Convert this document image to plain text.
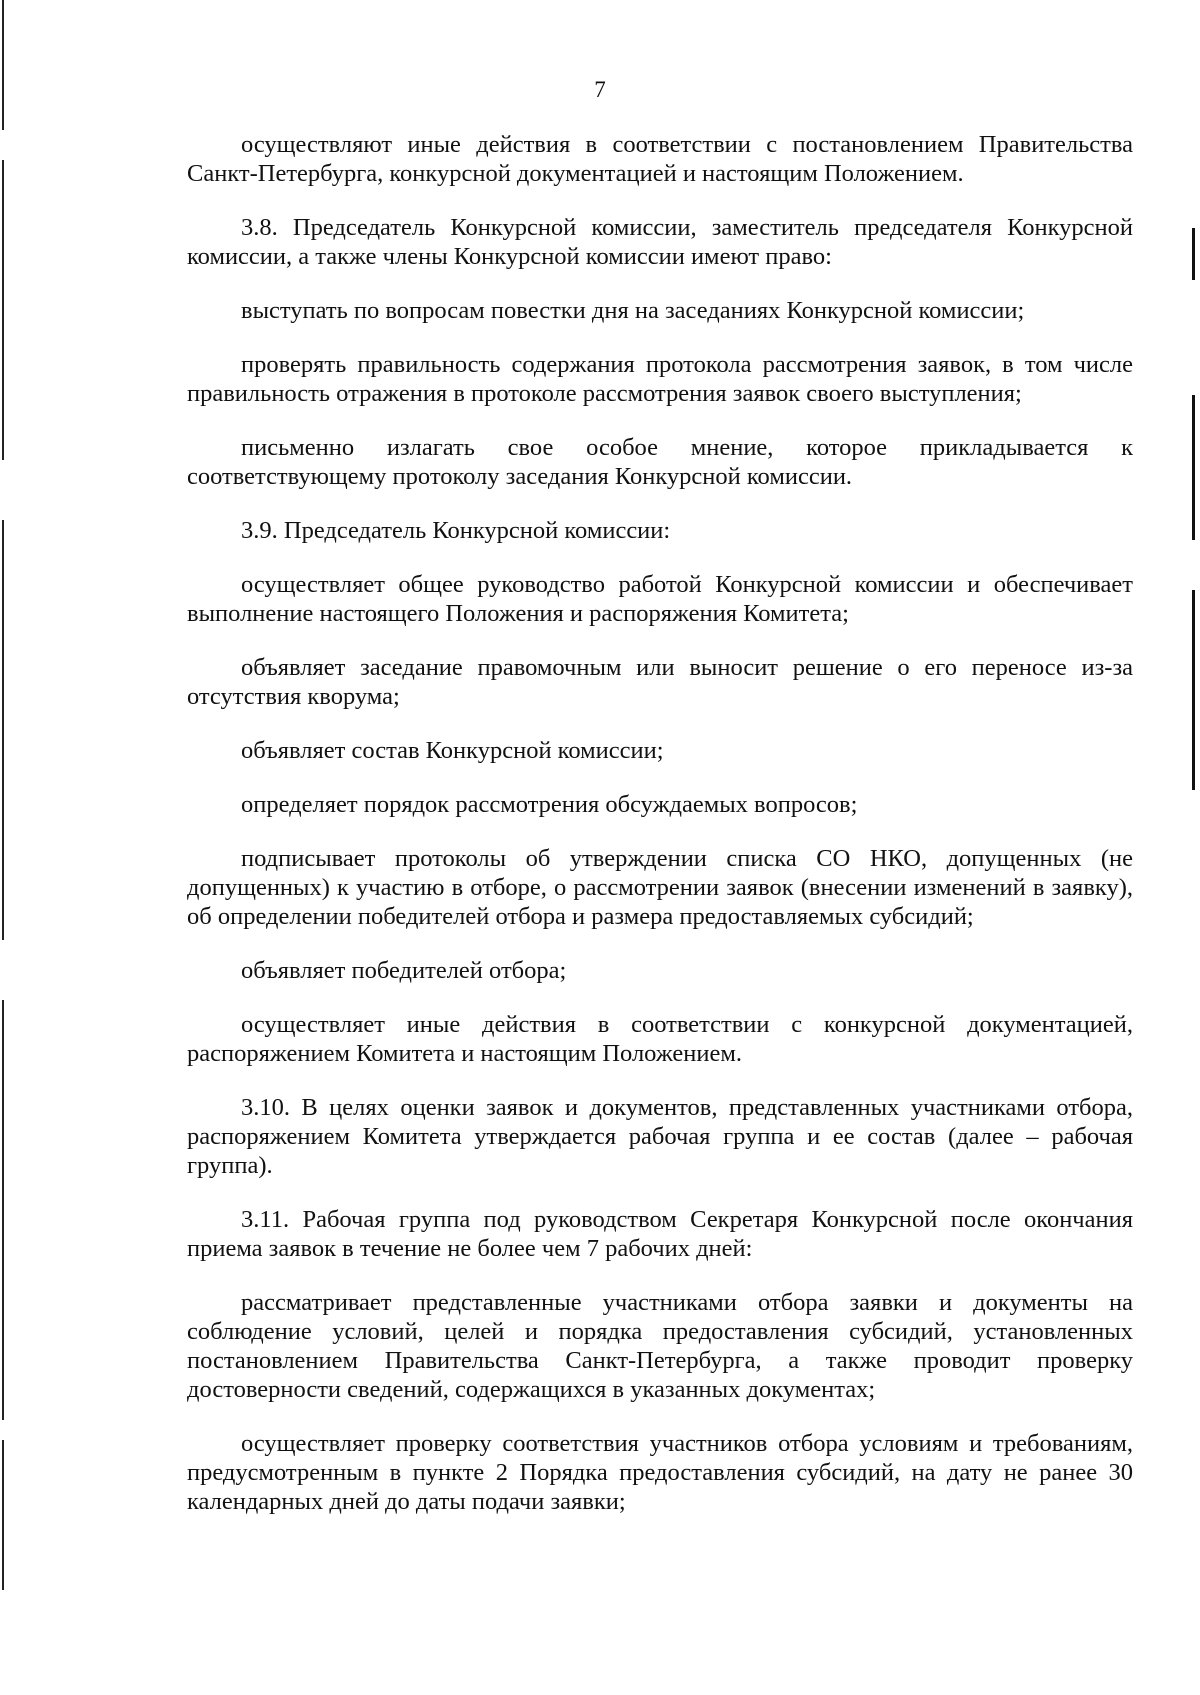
7

осуществляют иные действия в соответствии с постановлением Правительства Санкт-Петербурга, конкурсной документацией и настоящим Положением.

3.8. Председатель Конкурсной комиссии, заместитель председателя Конкурсной комиссии, а также члены Конкурсной комиссии имеют право:

выступать по вопросам повестки дня на заседаниях Конкурсной комиссии;

проверять правильность содержания протокола рассмотрения заявок, в том числе правильность отражения в протоколе рассмотрения заявок своего выступления;

письменно излагать свое особое мнение, которое прикладывается к соответствующему протоколу заседания Конкурсной комиссии.

3.9. Председатель Конкурсной комиссии:

осуществляет общее руководство работой Конкурсной комиссии и обеспечивает выполнение настоящего Положения и распоряжения Комитета;

объявляет заседание правомочным или выносит решение о его переносе из-за отсутствия кворума;

объявляет состав Конкурсной комиссии;

определяет порядок рассмотрения обсуждаемых вопросов;

подписывает протоколы об утверждении списка СО НКО, допущенных (не допущенных) к участию в отборе, о рассмотрении заявок (внесении изменений в заявку), об определении победителей отбора и размера предоставляемых субсидий;

объявляет победителей отбора;

осуществляет иные действия в соответствии с конкурсной документацией, распоряжением Комитета и настоящим Положением.

3.10. В целях оценки заявок и документов, представленных участниками отбора, распоряжением Комитета утверждается рабочая группа и ее состав (далее – рабочая группа).

3.11. Рабочая группа под руководством Секретаря Конкурсной после окончания приема заявок в течение не более чем 7 рабочих дней:

рассматривает представленные участниками отбора заявки и документы на соблюдение условий, целей и порядка предоставления субсидий, установленных постановлением Правительства Санкт-Петербурга, а также проводит проверку достоверности сведений, содержащихся в указанных документах;

осуществляет проверку соответствия участников отбора условиям и требованиям, предусмотренным в пункте 2 Порядка предоставления субсидий, на дату не ранее 30 календарных дней до даты подачи заявки;
